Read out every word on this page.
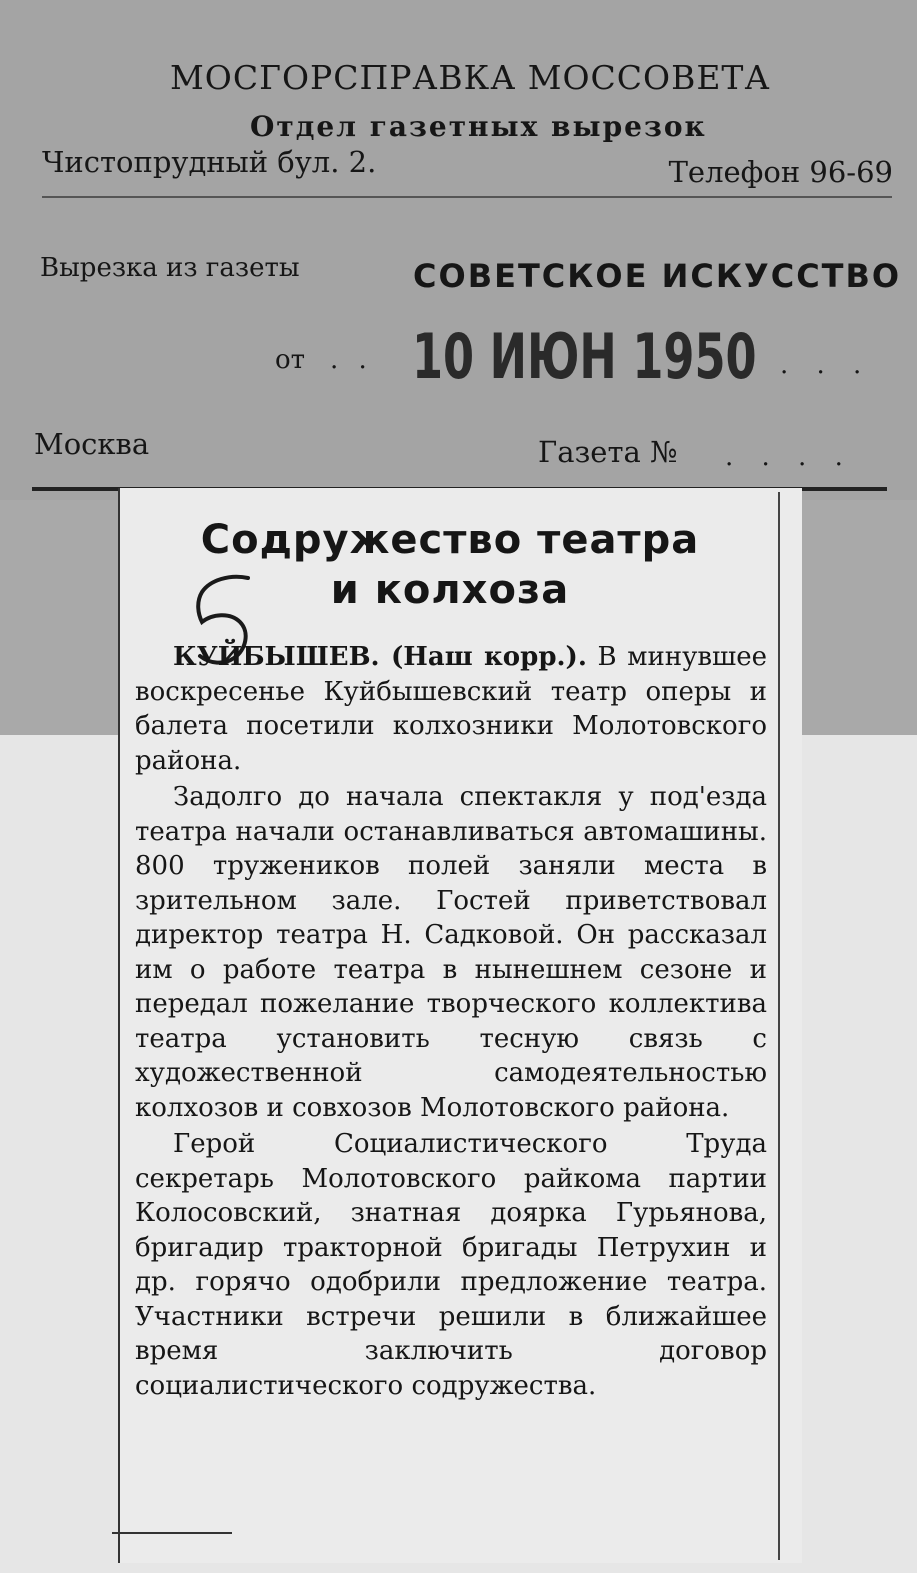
МОСГОРСПРАВКА МОССОВЕТА
Отдел газетных вырезок
Чистопрудный бул. 2.	Телефон 96-69
Вырезка из газеты	СОВЕТСКОЕ ИСКУССТВО
от . . 10 ИЮН 1950 . . .
Москва	Газета № . . . .
Содружество театра
и колхоза

КУЙБЫШЕВ. (Наш корр.). В минувшее воскресенье Куйбышевский театр оперы и балета посетили колхозники Молотовского района.

Задолго до начала спектакля у под'езда театра начали останавливаться автомашины. 800 тружеников полей заняли места в зрительном зале. Гостей приветствовал директор театра Н. Садковой. Он рассказал им о работе театра в нынешнем сезоне и передал пожелание творческого коллектива театра установить тесную связь с художественной самодеятельностью колхозов и совхозов Молотовского района.

Герой Социалистического Труда секретарь Молотовского райкома партии Колосовский, знатная доярка Гурьянова, бригадир тракторной бригады Петрухин и др. горячо одобрили предложение театра. Участники встречи решили в ближайшее время заключить договор социалистического содружества.
